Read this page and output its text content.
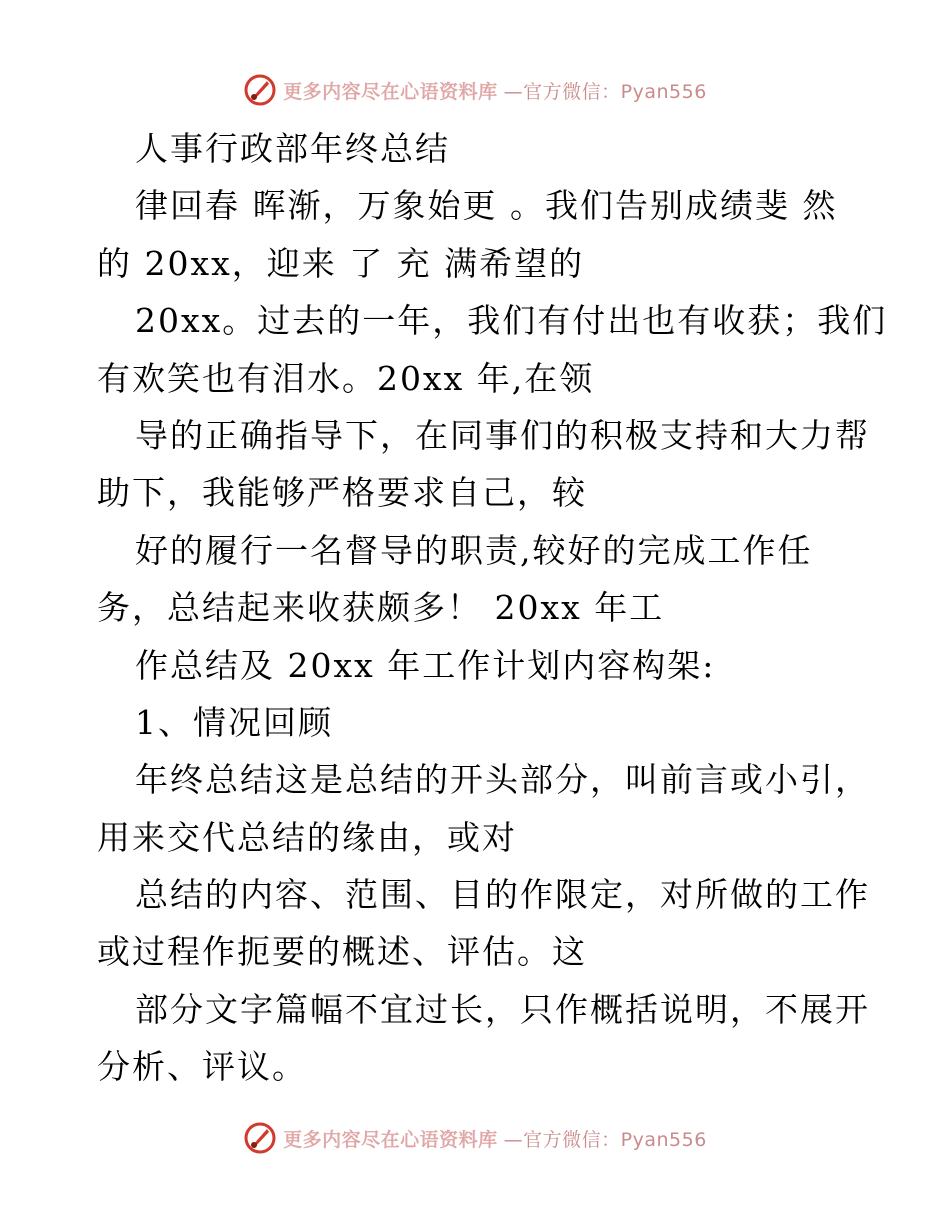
更多内容尽在心语资料库 —官方微信：Pyan556
人事行政部年终总结
律回春 晖渐，万象始更 。我们告别成绩斐 然
的 20xx，迎来 了 充 满希望的
20xx。过去的一年，我们有付出也有收获；我们
有欢笑也有泪水。20xx 年,在领
导的正确指导下，在同事们的积极支持和大力帮
助下，我能够严格要求自己，较
好的履行一名督导的职责,较好的完成工作任
务，总结起来收获颇多！ 20xx 年工
作总结及 20xx 年工作计划内容构架:
1、情况回顾
年终总结这是总结的开头部分，叫前言或小引，
用来交代总结的缘由，或对
总结的内容、范围、目的作限定，对所做的工作
或过程作扼要的概述、评估。这
部分文字篇幅不宜过长，只作概括说明，不展开
分析、评议。
更多内容尽在心语资料库 —官方微信：Pyan556
